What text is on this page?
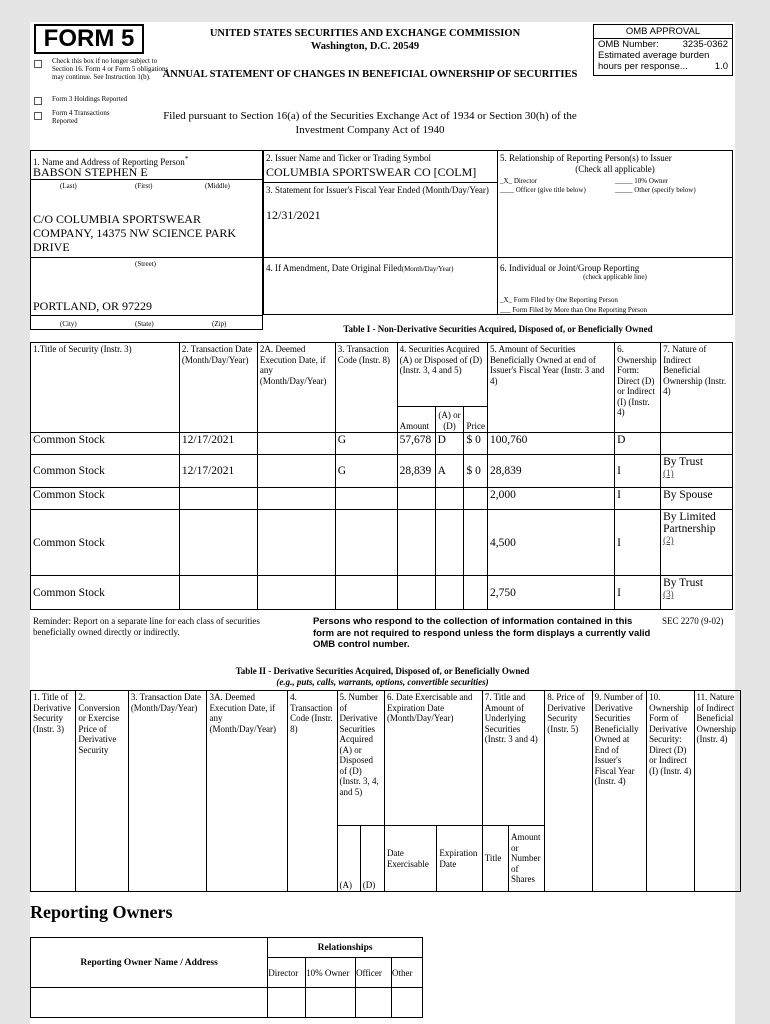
FORM 5
Check this box if no longer subject to Section 16. Form 4 or Form 5 obligations may continue. See Instruction 1(b).
Form 3 Holdings Reported
Form 4 Transactions Reported
UNITED STATES SECURITIES AND EXCHANGE COMMISSION
Washington, D.C. 20549
ANNUAL STATEMENT OF CHANGES IN BENEFICIAL OWNERSHIP OF SECURITIES
Filed pursuant to Section 16(a) of the Securities Exchange Act of 1934 or Section 30(h) of the Investment Company Act of 1940
OMB APPROVAL
OMB Number:	3235-0362
Estimated average burden
hours per response...	1.0
1. Name and Address of Reporting Person*
BABSON STEPHEN E
(Last)	(First)	(Middle)
C/O COLUMBIA SPORTSWEAR COMPANY, 14375 NW SCIENCE PARK DRIVE
(Street)
PORTLAND, OR 97229
(City)	(State)	(Zip)
2. Issuer Name and Ticker or Trading Symbol
COLUMBIA SPORTSWEAR CO [COLM]
3. Statement for Issuer's Fiscal Year Ended (Month/Day/Year)
12/31/2021
4. If Amendment, Date Original Filed(Month/Day/Year)
5. Relationship of Reporting Person(s) to Issuer
(Check all applicable)
_X_ Director	_____ 10% Owner
____ Officer (give title below)	_____ Other (specify below)
6. Individual or Joint/Group Reporting
(check applicable line)
_X_ Form Filed by One Reporting Person
___ Form Filed by More than One Reporting Person
Table I - Non-Derivative Securities Acquired, Disposed of, or Beneficially Owned
1.Title of Security (Instr. 3)	2. Transaction Date (Month/Day/Year)	2A. Deemed Execution Date, if any (Month/Day/Year)	3. Transaction Code (Instr. 8)	4. Securities Acquired (A) or Disposed of (D) (Instr. 3, 4 and 5)			5. Amount of Securities Beneficially Owned at end of Issuer's Fiscal Year (Instr. 3 and 4)	6. Ownership Form: Direct (D) or Indirect (I) (Instr. 4)	7. Nature of Indirect Beneficial Ownership (Instr. 4)
				Amount	(A) or (D)	Price			
Common Stock	12/17/2021		G	57,678	D	$ 0	100,760	D	
Common Stock	12/17/2021		G	28,839	A	$ 0	28,839	I	By Trust
(1)

Common Stock							2,000	I	By Spouse
Common Stock							4,500	I	By Limited Partnership
(2)

Common Stock							2,750	I	By Trust
(3)
Reminder: Report on a separate line for each class of securities beneficially owned directly or indirectly.
Persons who respond to the collection of information contained in this form are not required to respond unless the form displays a currently valid OMB control number.
SEC 2270 (9-02)
Table II - Derivative Securities Acquired, Disposed of, or Beneficially Owned
(e.g., puts, calls, warrants, options, convertible securities)
1. Title of Derivative Security (Instr. 3)	2. Conversion or Exercise Price of Derivative Security	3. Transaction Date (Month/Day/Year)	3A. Deemed Execution Date, if any (Month/Day/Year)	4. Transaction Code (Instr. 8)	5. Number of Derivative Securities Acquired (A) or Disposed of (D) (Instr. 3, 4, and 5)		6. Date Exercisable and Expiration Date (Month/Day/Year)		7. Title and Amount of Underlying Securities (Instr. 3 and 4)		8. Price of Derivative Security (Instr. 5)	9. Number of Derivative Securities Beneficially Owned at End of Issuer's Fiscal Year (Instr. 4)	10. Ownership Form of Derivative Security: Direct (D) or Indirect (I) (Instr. 4)	11. Nature of Indirect Beneficial Ownership (Instr. 4)
					(A)	(D)	Date Exercisable	Expiration Date	Title	Amount or Number of Shares				
Reporting Owners
Reporting Owner Name / Address	Relationships			
	Director	10% Owner	Officer	Other
